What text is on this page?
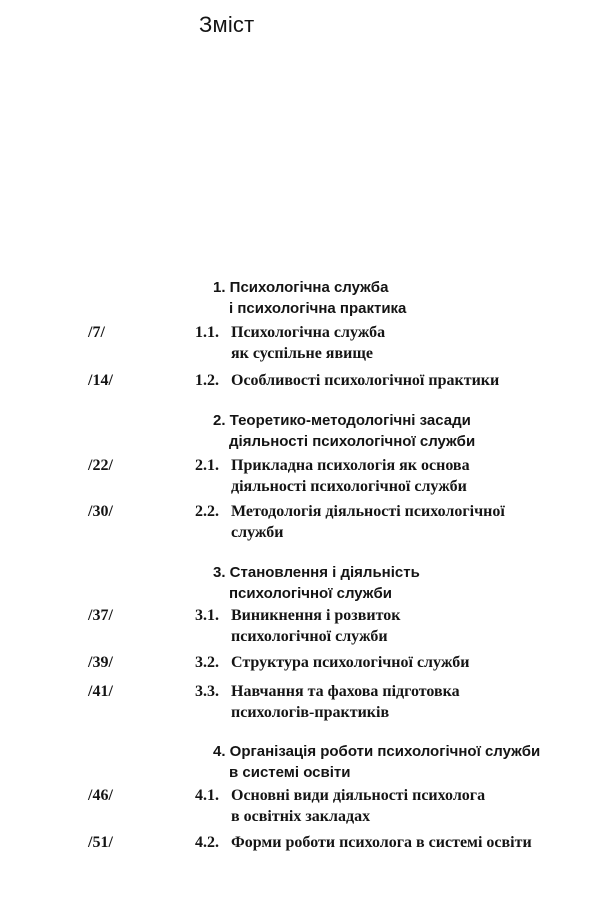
Зміст
1. Психологічна служба
і психологічна практика
/7/	1.1. Психологічна служба
як суспільне явище
/14/	1.2. Особливості психологічної практики
2. Теоретико-методологічні засади
діяльності психологічної служби
/22/	2.1. Прикладна психологія як основа
діяльності психологічної служби
/30/	2.2. Методологія діяльності психологічної
служби
3. Становлення і діяльність
психологічної служби
/37/	3.1. Виникнення і розвиток
психологічної служби
/39/	3.2. Структура психологічної служби
/41/	3.3. Навчання та фахова підготовка
психологів-практиків
4. Організація роботи психологічної служби
в системі освіти
/46/	4.1. Основні види діяльності психолога
в освітніх закладах
/51/	4.2. Форми роботи психолога в системі освіти
